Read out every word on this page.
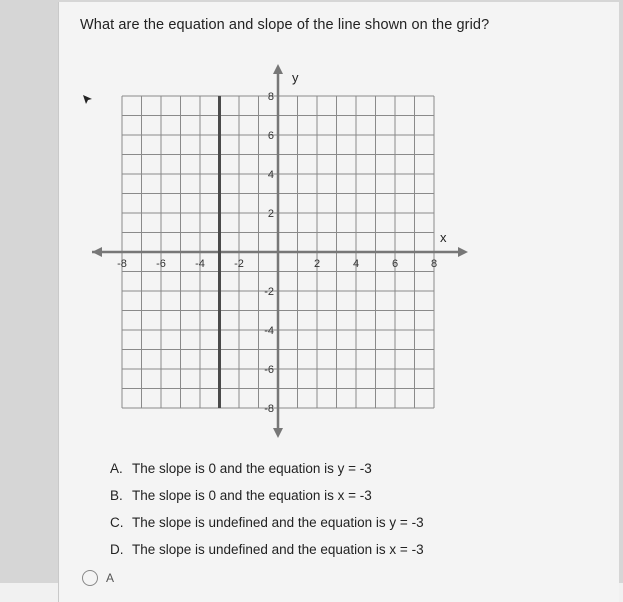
What are the equation and slope of the line shown on the grid?
-8	-6	-4	-2	2	4	6	8
8
6
4
2
-2
-4
-6
-8
x
y
A. The slope is 0 and the equation is y = -3
B. The slope is 0 and the equation is x = -3
C. The slope is undefined and the equation is y = -3
D. The slope is undefined and the equation is x = -3
A
